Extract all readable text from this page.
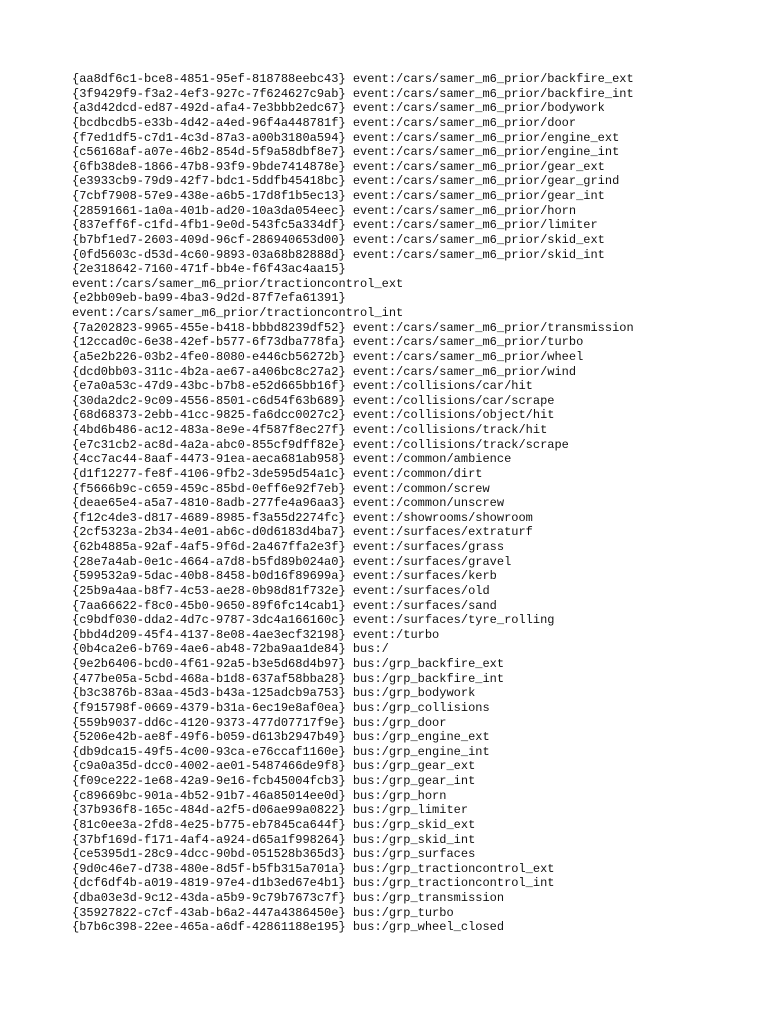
{aa8df6c1-bce8-4851-95ef-818788eebc43} event:/cars/samer_m6_prior/backfire_ext
{3f9429f9-f3a2-4ef3-927c-7f624627c9ab} event:/cars/samer_m6_prior/backfire_int
{a3d42dcd-ed87-492d-afa4-7e3bbb2edc67} event:/cars/samer_m6_prior/bodywork
{bcdbcdb5-e33b-4d42-a4ed-96f4a448781f} event:/cars/samer_m6_prior/door
{f7ed1df5-c7d1-4c3d-87a3-a00b3180a594} event:/cars/samer_m6_prior/engine_ext
{c56168af-a07e-46b2-854d-5f9a58dbf8e7} event:/cars/samer_m6_prior/engine_int
{6fb38de8-1866-47b8-93f9-9bde7414878e} event:/cars/samer_m6_prior/gear_ext
{e3933cb9-79d9-42f7-bdc1-5ddfb45418bc} event:/cars/samer_m6_prior/gear_grind
{7cbf7908-57e9-438e-a6b5-17d8f1b5ec13} event:/cars/samer_m6_prior/gear_int
{28591661-1a0a-401b-ad20-10a3da054eec} event:/cars/samer_m6_prior/horn
{837eff6f-c1fd-4fb1-9e0d-543fc5a334df} event:/cars/samer_m6_prior/limiter
{b7bf1ed7-2603-409d-96cf-286940653d00} event:/cars/samer_m6_prior/skid_ext
{0fd5603c-d53d-4c60-9893-03a68b82888d} event:/cars/samer_m6_prior/skid_int
{2e318642-7160-471f-bb4e-f6f43ac4aa15}
event:/cars/samer_m6_prior/tractioncontrol_ext
{e2bb09eb-ba99-4ba3-9d2d-87f7efa61391}
event:/cars/samer_m6_prior/tractioncontrol_int
{7a202823-9965-455e-b418-bbbd8239df52} event:/cars/samer_m6_prior/transmission
{12ccad0c-6e38-42ef-b577-6f73dba778fa} event:/cars/samer_m6_prior/turbo
{a5e2b226-03b2-4fe0-8080-e446cb56272b} event:/cars/samer_m6_prior/wheel
{dcd0bb03-311c-4b2a-ae67-a406bc8c27a2} event:/cars/samer_m6_prior/wind
{e7a0a53c-47d9-43bc-b7b8-e52d665bb16f} event:/collisions/car/hit
{30da2dc2-9c09-4556-8501-c6d54f63b689} event:/collisions/car/scrape
{68d68373-2ebb-41cc-9825-fa6dcc0027c2} event:/collisions/object/hit
{4bd6b486-ac12-483a-8e9e-4f587f8ec27f} event:/collisions/track/hit
{e7c31cb2-ac8d-4a2a-abc0-855cf9dff82e} event:/collisions/track/scrape
{4cc7ac44-8aaf-4473-91ea-aeca681ab958} event:/common/ambience
{d1f12277-fe8f-4106-9fb2-3de595d54a1c} event:/common/dirt
{f5666b9c-c659-459c-85bd-0eff6e92f7eb} event:/common/screw
{deae65e4-a5a7-4810-8adb-277fe4a96aa3} event:/common/unscrew
{f12c4de3-d817-4689-8985-f3a55d2274fc} event:/showrooms/showroom
{2cf5323a-2b34-4e01-ab6c-d0d6183d4ba7} event:/surfaces/extraturf
{62b4885a-92af-4af5-9f6d-2a467ffa2e3f} event:/surfaces/grass
{28e7a4ab-0e1c-4664-a7d8-b5fd89b024a0} event:/surfaces/gravel
{599532a9-5dac-40b8-8458-b0d16f89699a} event:/surfaces/kerb
{25b9a4aa-b8f7-4c53-ae28-0b98d81f732e} event:/surfaces/old
{7aa66622-f8c0-45b0-9650-89f6fc14cab1} event:/surfaces/sand
{c9bdf030-dda2-4d7c-9787-3dc4a166160c} event:/surfaces/tyre_rolling
{bbd4d209-45f4-4137-8e08-4ae3ecf32198} event:/turbo
{0b4ca2e6-b769-4ae6-ab48-72ba9aa1de84} bus:/
{9e2b6406-bcd0-4f61-92a5-b3e5d68d4b97} bus:/grp_backfire_ext
{477be05a-5cbd-468a-b1d8-637af58bba28} bus:/grp_backfire_int
{b3c3876b-83aa-45d3-b43a-125adcb9a753} bus:/grp_bodywork
{f915798f-0669-4379-b31a-6ec19e8af0ea} bus:/grp_collisions
{559b9037-dd6c-4120-9373-477d07717f9e} bus:/grp_door
{5206e42b-ae8f-49f6-b059-d613b2947b49} bus:/grp_engine_ext
{db9dca15-49f5-4c00-93ca-e76ccaf1160e} bus:/grp_engine_int
{c9a0a35d-dcc0-4002-ae01-5487466de9f8} bus:/grp_gear_ext
{f09ce222-1e68-42a9-9e16-fcb45004fcb3} bus:/grp_gear_int
{c89669bc-901a-4b52-91b7-46a85014ee0d} bus:/grp_horn
{37b936f8-165c-484d-a2f5-d06ae99a0822} bus:/grp_limiter
{81c0ee3a-2fd8-4e25-b775-eb7845ca644f} bus:/grp_skid_ext
{37bf169d-f171-4af4-a924-d65a1f998264} bus:/grp_skid_int
{ce5395d1-28c9-4dcc-90bd-051528b365d3} bus:/grp_surfaces
{9d0c46e7-d738-480e-8d5f-b5fb315a701a} bus:/grp_tractioncontrol_ext
{dcf6df4b-a019-4819-97e4-d1b3ed67e4b1} bus:/grp_tractioncontrol_int
{dba03e3d-9c12-43da-a5b9-9c79b7673c7f} bus:/grp_transmission
{35927822-c7cf-43ab-b6a2-447a4386450e} bus:/grp_turbo
{b7b6c398-22ee-465a-a6df-42861188e195} bus:/grp_wheel_closed
